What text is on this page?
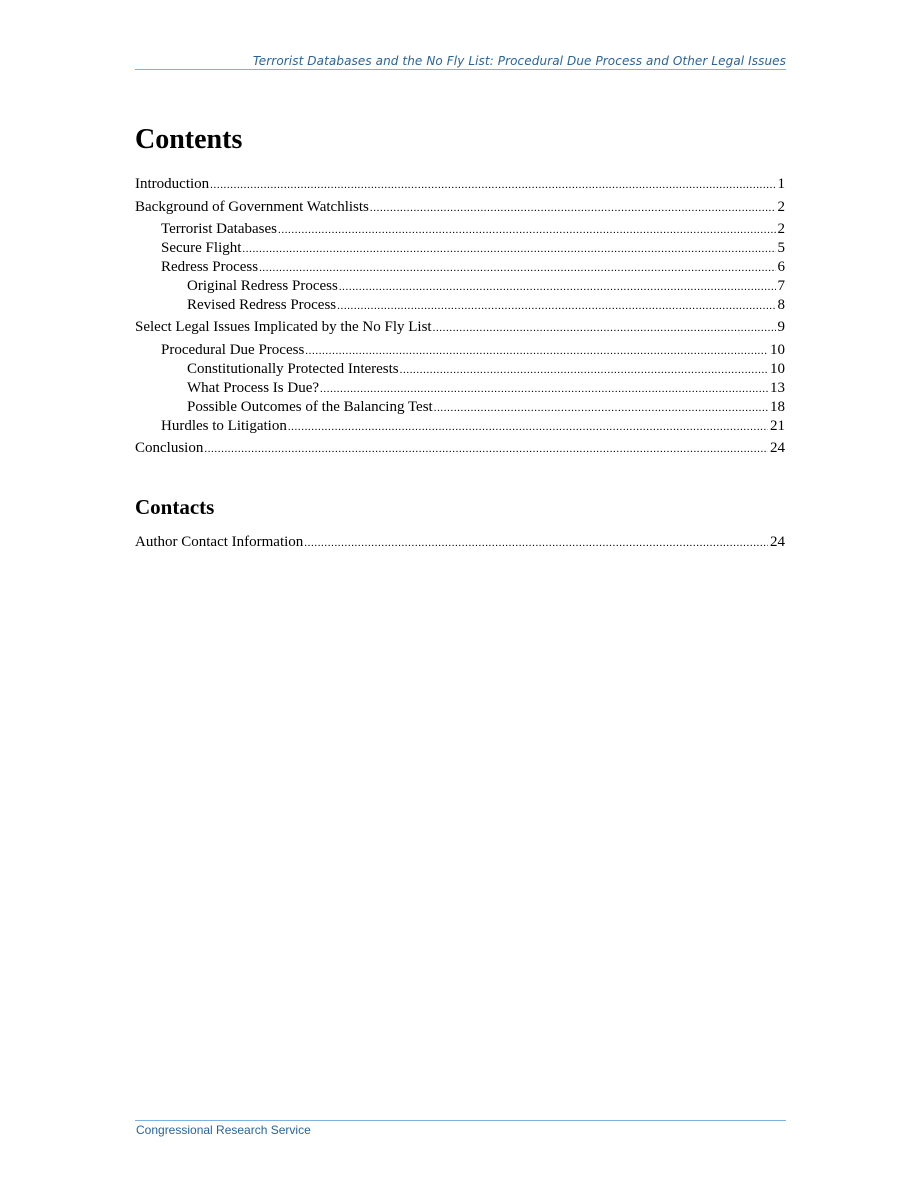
Terrorist Databases and the No Fly List: Procedural Due Process and Other Legal Issues
Contents
Introduction .....	1
Background of Government Watchlists .....	2
Terrorist Databases .....	2
Secure Flight .....	5
Redress Process .....	6
Original Redress Process .....	7
Revised Redress Process .....	8
Select Legal Issues Implicated by the No Fly List .....	9
Procedural Due Process .....	10
Constitutionally Protected Interests .....	10
What Process Is Due? .....	13
Possible Outcomes of the Balancing Test .....	18
Hurdles to Litigation .....	21
Conclusion .....	24
Contacts
Author Contact Information .....	24
Congressional Research Service
